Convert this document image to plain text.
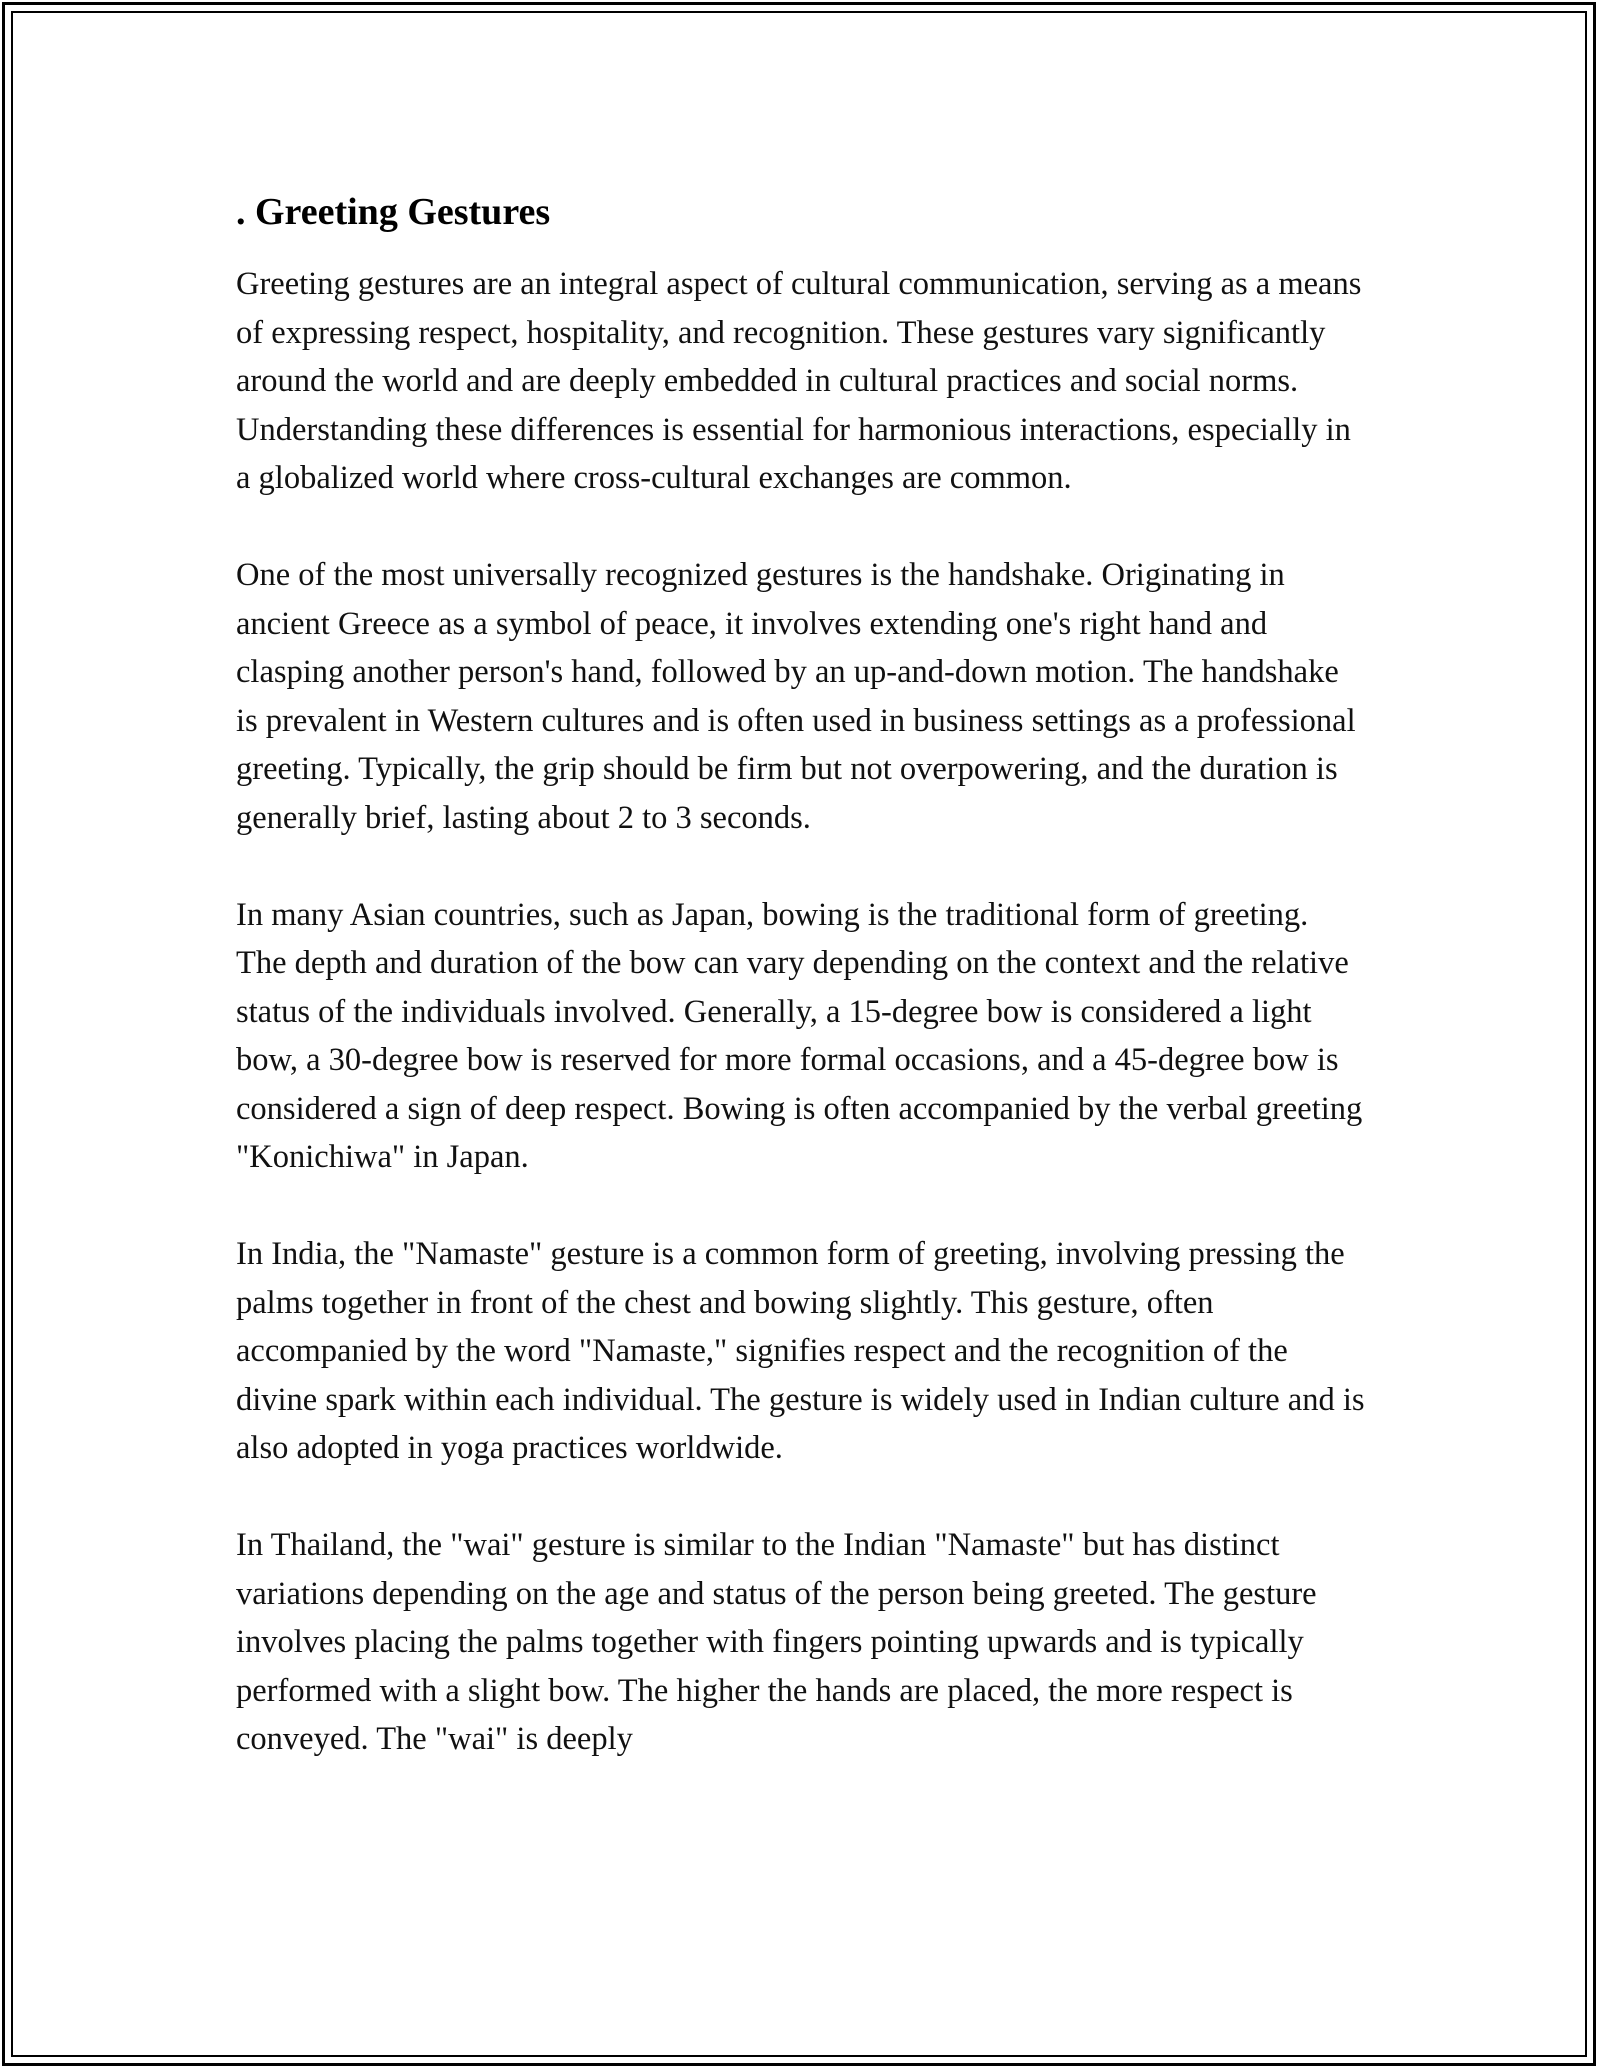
. Greeting Gestures

Greeting gestures are an integral aspect of cultural communication, serving as a means of expressing respect, hospitality, and recognition. These gestures vary significantly around the world and are deeply embedded in cultural practices and social norms. Understanding these differences is essential for harmonious interactions, especially in a globalized world where cross-cultural exchanges are common.

One of the most universally recognized gestures is the handshake. Originating in ancient Greece as a symbol of peace, it involves extending one's right hand and clasping another person's hand, followed by an up-and-down motion. The handshake is prevalent in Western cultures and is often used in business settings as a professional greeting. Typically, the grip should be firm but not overpowering, and the duration is generally brief, lasting about 2 to 3 seconds.

In many Asian countries, such as Japan, bowing is the traditional form of greeting. The depth and duration of the bow can vary depending on the context and the relative status of the individuals involved. Generally, a 15-degree bow is considered a light bow, a 30-degree bow is reserved for more formal occasions, and a 45-degree bow is considered a sign of deep respect. Bowing is often accompanied by the verbal greeting "Konichiwa" in Japan.

In India, the "Namaste" gesture is a common form of greeting, involving pressing the palms together in front of the chest and bowing slightly. This gesture, often accompanied by the word "Namaste," signifies respect and the recognition of the divine spark within each individual. The gesture is widely used in Indian culture and is also adopted in yoga practices worldwide.

In Thailand, the "wai" gesture is similar to the Indian "Namaste" but has distinct variations depending on the age and status of the person being greeted. The gesture involves placing the palms together with fingers pointing upwards and is typically performed with a slight bow. The higher the hands are placed, the more respect is conveyed. The "wai" is deeply
